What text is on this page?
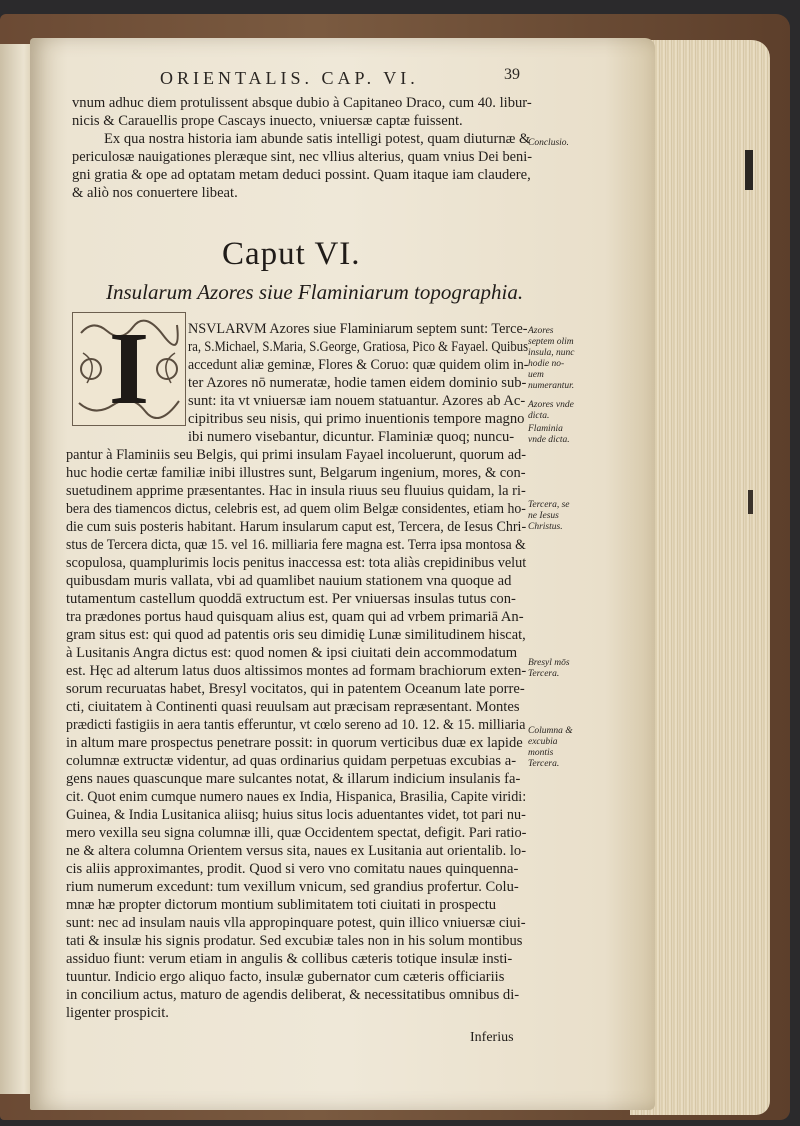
ORIENTALIS. CAP. VI.	39
vnum adhuc diem protulissent absque dubio à Capitaneo Draco, cum 40. libur-
nicis & Carauellis prope Cascays inuecto, vniuersæ captæ fuissent.
Ex qua nostra historia iam abunde satis intelligi potest, quam diuturnæ &
periculosæ nauigationes pleræque sint, nec vllius alterius, quam vnius Dei beni-
gni gratia & ope ad optatam metam deduci possint. Quam itaque iam claudere,
& aliò nos conuertere libeat.
Caput VI.
Insularum Azores siue Flaminiarum topographia.
I	NSVLARVM Azores siue Flaminiarum septem sunt: Terce-
ra, S.Michael, S.Maria, S.George, Gratiosa, Pico & Fayael. Quibus
accedunt aliæ geminæ, Flores & Coruo: quæ quidem olim in-
ter Azores nō numeratæ, hodie tamen eidem dominio sub-
sunt: ita vt vniuersæ iam nouem statuantur. Azores ab Ac-
cipitribus seu nisis, qui primo inuentionis tempore magno
ibi numero visebantur, dicuntur. Flaminiæ quoq; nuncu-
pantur à Flaminiis seu Belgis, qui primi insulam Fayael incoluerunt, quorum ad-
huc hodie certæ familiæ inibi illustres sunt, Belgarum ingenium, mores, & con-
suetudinem apprime præsentantes. Hac in insula riuus seu fluuius quidam, la ri-
bera des tiamencos dictus, celebris est, ad quem olim Belgæ considentes, etiam ho-
die cum suis posteris habitant. Harum insularum caput est, Tercera, de Iesus Chri-
stus de Tercera dicta, quæ 15. vel 16. milliaria fere magna est. Terra ipsa montosa &
scopulosa, quamplurimis locis penitus inaccessa est: tota aliàs crepidinibus velut
quibusdam muris vallata, vbi ad quamlibet nauium stationem vna quoque ad
tutamentum castellum quoddā extructum est. Per vniuersas insulas tutus con-
tra prædones portus haud quisquam alius est, quam qui ad vrbem primariā An-
gram situs est: qui quod ad patentis oris seu dimidię Lunæ similitudinem hiscat,
à Lusitanis Angra dictus est: quod nomen & ipsi ciuitati dein accommodatum
est. Hęc ad alterum latus duos altissimos montes ad formam brachiorum exten-
sorum recuruatas habet, Bresyl vocitatos, qui in patentem Oceanum late porre-
cti, ciuitatem à Continenti quasi reuulsam aut præcisam repræsentant. Montes
prædicti fastigiis in aera tantis efferuntur, vt cœlo sereno ad 10. 12. & 15. milliaria
in altum mare prospectus penetrare possit: in quorum verticibus duæ ex lapide
columnæ extructæ videntur, ad quas ordinarius quidam perpetuas excubias a-
gens naues quascunque mare sulcantes notat, & illarum indicium insulanis fa-
cit. Quot enim cumque numero naues ex India, Hispanica, Brasilia, Capite viridi:
Guinea, & India Lusitanica aliisq; huius situs locis aduentantes videt, tot pari nu-
mero vexilla seu signa columnæ illi, quæ Occidentem spectat, defigit. Pari ratio-
ne & altera columna Orientem versus sita, naues ex Lusitania aut orientalib. lo-
cis aliis approximantes, prodit. Quod si vero vno comitatu naues quinquenna-
rium numerum excedunt: tum vexillum vnicum, sed grandius profertur. Colu-
mnæ hæ propter dictorum montium sublimitatem toti ciuitati in prospectu
sunt: nec ad insulam nauis vlla appropinquare potest, quin illico vniuersæ ciui-
tati & insulæ his signis prodatur. Sed excubiæ tales non in his solum montibus
assiduo fiunt: verum etiam in angulis & collibus cæteris totique insulæ insti-
tuuntur. Indicio ergo aliquo facto, insulæ gubernator cum cæteris officiariis
in concilium actus, maturo de agendis deliberat, & necessitatibus omnibus di-
ligenter prospicit.
Inferius
Conclusio.
Azores septem olim insula, nunc hodie no- uem numerantur.
Azores vnde dicta.
Flaminia vnde dicta.
Tercera, se ne Iesus Christus.
Bresyl mōs Tercera.
Columna & excubia montis Tercera.
